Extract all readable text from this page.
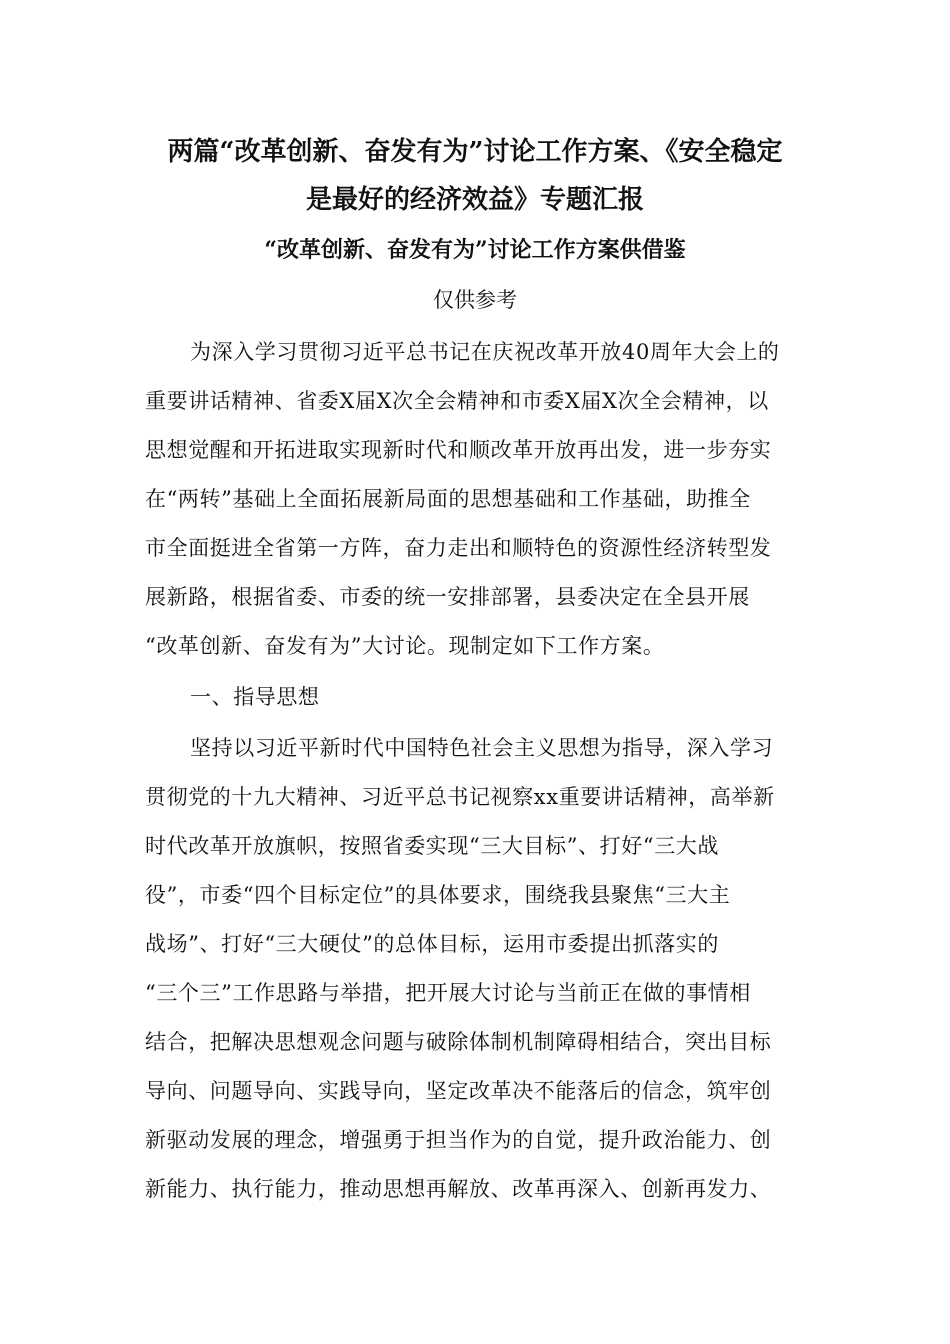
两篇“改革创新、奋发有为”讨论工作方案、《安全稳定
是最好的经济效益》专题汇报
“改革创新、奋发有为”讨论工作方案供借鉴
仅供参考
为深入学习贯彻习近平总书记在庆祝改革开放40周年大会上的
重要讲话精神、省委X届X次全会精神和市委X届X次全会精神，以
思想觉醒和开拓进取实现新时代和顺改革开放再出发，进一步夯实
在“两转”基础上全面拓展新局面的思想基础和工作基础，助推全
市全面挺进全省第一方阵，奋力走出和顺特色的资源性经济转型发
展新路，根据省委、市委的统一安排部署，县委决定在全县开展
“改革创新、奋发有为”大讨论。现制定如下工作方案。
一、指导思想
坚持以习近平新时代中国特色社会主义思想为指导，深入学习
贯彻党的十九大精神、习近平总书记视察xx重要讲话精神，高举新
时代改革开放旗帜，按照省委实现“三大目标”、打好“三大战
役”，市委“四个目标定位”的具体要求，围绕我县聚焦“三大主
战场”、打好“三大硬仗”的总体目标，运用市委提出抓落实的
“三个三”工作思路与举措，把开展大讨论与当前正在做的事情相
结合，把解决思想观念问题与破除体制机制障碍相结合，突出目标
导向、问题导向、实践导向，坚定改革决不能落后的信念，筑牢创
新驱动发展的理念，增强勇于担当作为的自觉，提升政治能力、创
新能力、执行能力，推动思想再解放、改革再深入、创新再发力、
